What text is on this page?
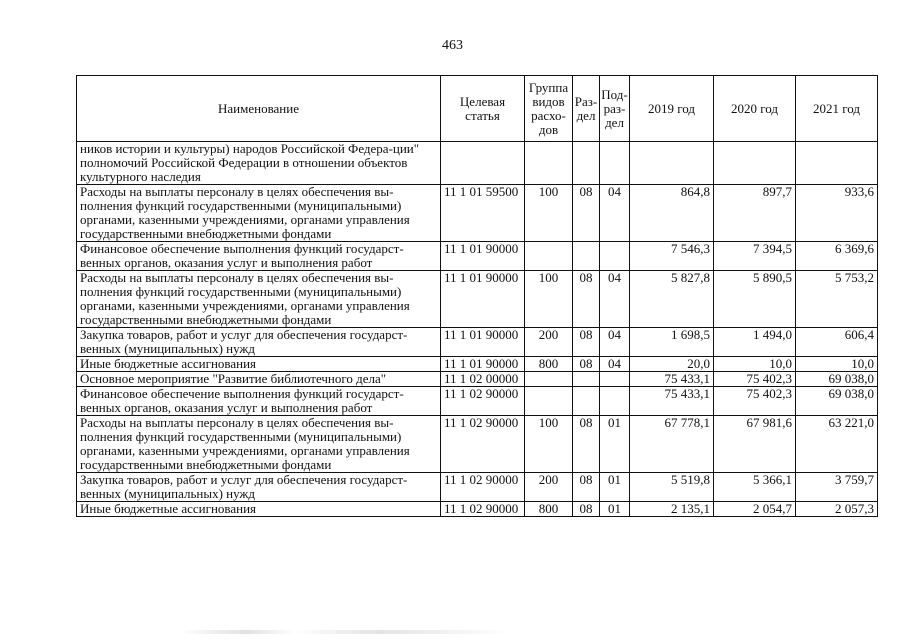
463
Наименование	Целевая статья	Группа видов расхо-дов	Раз-дел	Под-раз-дел	2019 год	2020 год	2021 год
ников истории и культуры) народов Российской Федера-ции" полномочий Российской Федерации в отношении объектов культурного наследия							
Расходы на выплаты персоналу в целях обеспечения вы-полнения функций государственными (муниципальными) органами, казенными учреждениями, органами управления государственными внебюджетными фондами	11 1 01 59500	100	08	04	864,8	897,7	933,6
Финансовое обеспечение выполнения функций государст-венных органов, оказания услуг и выполнения работ	11 1 01 90000				7 546,3	7 394,5	6 369,6
Расходы на выплаты персоналу в целях обеспечения вы-полнения функций государственными (муниципальными) органами, казенными учреждениями, органами управления государственными внебюджетными фондами	11 1 01 90000	100	08	04	5 827,8	5 890,5	5 753,2
Закупка товаров, работ и услуг для обеспечения государст-венных (муниципальных) нужд	11 1 01 90000	200	08	04	1 698,5	1 494,0	606,4
Иные бюджетные ассигнования	11 1 01 90000	800	08	04	20,0	10,0	10,0
Основное мероприятие "Развитие библиотечного дела"	11 1 02 00000				75 433,1	75 402,3	69 038,0
Финансовое обеспечение выполнения функций государст-венных органов, оказания услуг и выполнения работ	11 1 02 90000				75 433,1	75 402,3	69 038,0
Расходы на выплаты персоналу в целях обеспечения вы-полнения функций государственными (муниципальными) органами, казенными учреждениями, органами управления государственными внебюджетными фондами	11 1 02 90000	100	08	01	67 778,1	67 981,6	63 221,0
Закупка товаров, работ и услуг для обеспечения государст-венных (муниципальных) нужд	11 1 02 90000	200	08	01	5 519,8	5 366,1	3 759,7
Иные бюджетные ассигнования	11 1 02 90000	800	08	01	2 135,1	2 054,7	2 057,3
